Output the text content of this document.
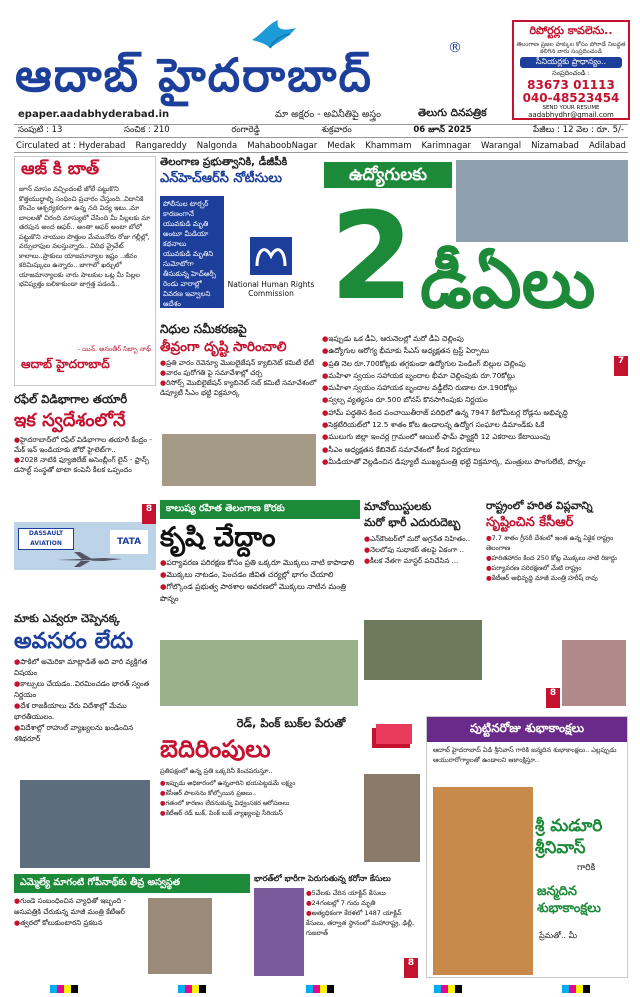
ఆదాబ్ హైదరాబాద్	®
epaper.aadabhyderabad.in	మా అక్షరం - అవినీతిపై అస్త్రం	తెలుగు దినపత్రిక
రిపోర్టర్లు కావలెను..
తెలంగాణ ప్రజల హక్కుల కోసం పోరాడే నిబద్ధత కలిగిన వారు సంప్రదించండి
సీనియర్లకు ప్రాధాన్యం..
సంప్రదించండి :
83673 01113
040-48523454
SEND YOUR RESUME
aadabhydhr@gmail.com
సంపుటి : 13	సంచిక : 210	రంగారెడ్డి	శుక్రవారం	06 జూన్ 2025	పేజీలు : 12 వెల : రూ. 5/-
Circulated at : Hyderabad Rangareddy Nalgonda MahaboobNagar Medak Khammam Karimnagar Warangal Nizamabad Adilabad
ఆజ్ కి బాత్
జూన్ మాసం వచ్చిందంటే జోలే పట్టుకొని కొత్తయుద్ధాల్ని సంధించి ప్రచారం చేస్తుంది..విదానికి కొంచెం ఆశ్చర్యకరంగా ఉన్న నది విద్య ఇటు..మా బాలలతో చిరంది మాస్యులో చేసింది మీ పిల్లలకు మా తరపున అంద ఆఫర్.. అంతా ఆఫర్ అంటా బోలో పట్టుకొని నాయుల పొత్తుల మేమునోరు రోజు గల్లీల్లో, వర్సులాఫుల వలస్తున్నారు.. విదిధ వ్రైవేట్ కాలాలు..ప్రాకులు యాజమాన్యాల ఇష్టం ..జీవం కరిమిష్కులు ఉన్నారు.. జాగాలో ఖర్చులో యాజమాన్యాలకు నారు పాలకుల ఒట్ల మీ పిల్లల భవిష్యత్తు బలికాకుండా జాగ్రత్త పడండి..
- యిన్. అనంతీర్ సిబ్బా నాథ్
ఆదాబ్ హైదరాబాద్
రఫేల్ విడిభాగాల తయారీ
ఇక స్వదేశంలోనే
● హైదరాబాద్‌లో రఫేల్ విడిభాగాల తయారీ కేంద్రం - మేక్ ఇన్ ఇండియాకు జోరో హైలెట్‌గా..
● 2028 నాటికి ఫ్యూజిలేజ్ అసెంబ్లీంగ్ లైన్ - ఫ్రాన్స్ డసాల్ట్ సంస్థతో టాటా కంపెనీ కీలక ఒప్పందం
DASSAULT AVIATION	TATA
8
మాకు ఎవ్వరూ చెప్పెనక్క
అవసరం లేదు
● పాకిలో అమెరికా మాట్లాడితే అది వారి వ్యక్తిగత విషయం
● కాల్పులు చేయడం..విరమించడం భారత్ స్వంత నిర్ణయం
● దేశ రాజకీయాలు వేరు విదేశాల్లో మేము భారతీయులం.
● విదేశాల్లో రాహుల్ వ్యాఖ్యలను ఖండించిన శశిథరూర్
తెలంగాణ ప్రభుత్వానికి, డీజీపీకి
ఎన్‌హెచ్‌ఆర్‌సీ నోటీసులు
పోలీసుల టార్చర్ కారణంగానే యువకుడి మృతి అంటూ మీడియా కథనాలు
యువకుడి మృతిని సుమోటోగా తీసుకున్న హెచ్ఆర్సీ
రెండు వారాల్లో వివరణ ఇవ్వాలని ఆదేశం
National Human Rights Commission
నిధుల సమీకరణపై
తీవ్రంగా దృష్టి సారించాలి
● ప్రతి వారం రెవెన్యూ మొబలైజేషన్ క్యాబినెట్ కమిటీ భేటీ
● వారం పురోగతి పై సమావేశాల్లో చర్చ
● రిసోర్స్ మొబిలైజేషన్ క్యాబినెట్ సబ్ కమిటీ సమావేశంలో డిప్యూటీ సీఎం భట్టి విక్రమార్క
ఉద్యోగులకు
2 డీఏలు
7
● ఇప్పుడు ఒక డీఏ, ఆరునెలల్లో మరో డీఏ చెల్లింపు
● ఉద్యోగుల ఆరోగ్య భీమాకు సీఎస్ అధ్యక్షతన ట్రస్ట్ ఏర్పాటు
● ప్రతి నెల రూ.700కోట్లకు తగ్గకుండా ఉద్యోగుల పెండింగ్ బిల్లుల చెల్లింపు
● మహిళా స్వయం సహాయక బృందాల భీమా చెల్లింపుకు రూ.70కోట్లు
● మహిళా స్వయం సహాయక బృందాల వడ్డీలేని రుణాల రూ.190కోట్లు
● స్వల్ప వ్యత్యసం రూ.500 బోనస్ కొనసాగింపుకు నిర్ణయం
● హామ్ పద్ధతిన కింద పంచాయితీరాజ్ పరిధిలో ఉన్న 7947 కిలోమీటర్ల రోడ్లను అభివృద్ధి
● సెక్రటేరియట్‌లో 12.5 శాతం కోట ఉండాలన్న ఉద్యోగ సంఘాల డిమాండ్‌కు ఓకే
● ములుగు జిల్లా ఇంచర్ల గ్రామంలో ఆయిల్ ఫామ్ ఫ్యాక్టరీ 12 ఎకరాలు కేటాయింపు
● సీఎం అధ్యక్షతన కేబినెట్ సమావేశంలో కీలక నిర్ణయాలు
● మీడియాతో వెల్లడించిన డిప్యూటీ ముఖ్యమంత్రి భట్టి విక్రమార్క, మంత్రులు పొంగులేటి, పొన్నం
కాలుష్య రహిత తెలంగాణ కొరకు
కృషి చేద్దాం
● పర్యావరణ పరిరక్షణ కోసం ప్రతి ఒక్కరూ మొక్కలు నాటి కాపాడాలి
● మొక్కలు నాటడం, పెంచడం జీవిత చర్యల్లో భాగం చేయాలి
● గోల్కొండ ప్రభుత్వ పాఠశాల ఆవరణలో మొక్కలు నాటిన మంత్రి పొన్నం
మావోయిస్టులకు
మరో భారీ ఎదురుదెబ్బ
● ఎన్‌కౌంటర్‌లో మరో అగ్రనేత నిహితం..
● నెలలోపు సుధాకర్ తలపై ఏకంగా ..
● కీలక నేతగా మాస్టర్ పనిచేసిన ...
రాష్ట్రంలో హరిత విప్లవాన్ని
సృష్టించిన కేసీఆర్
● 7.7 శాతం గ్రీనరీ దేశంలో ఇంత ఉన్న ఏకైక రాష్ట్రం తెలంగాణ
● హరితహారం కింద 250 కోట్ల మొక్కలు నాటి రికార్డు
● పర్యావరణ పరిరక్షణలో మేటి రాష్ట్రం
● కేటీఆర్ అభివృద్ధి మాజీ మంత్రి హరీష్ రావు
8
రెడ్, పింక్ బుక్‌ల పేరుతో
బెదిరింపులు
ప్రతిపక్షంలో ఉన్న ప్రతి ఒక్కరినీ కించపరుస్తూ..
● ఇప్పుడు అధికారంలో ఉన్నవారిని భయపెట్టడమే లక్ష్యం
● కేసీఆర్ పాలనను కోల్పోయిన ప్రజలు..
● గతంలో కారణం లేదనుకున్న విధ్వంసకర ఆరోపణలు
● కేటీఆర్ రెడ్ బుక్, పింక్ బుక్ వ్యాఖ్యలపై సీరియస్
పుట్టినరోజు శుభాకాంక్షలు
ఆదాబ్ హైదరాబాద్ ఏడి శ్రీనివాస్‌ గారికి జన్మదిన శుభాకాంక్షలు.. ఎల్లప్పుడు ఆయురారోగ్యాలతో ఉండాలని ఆకాంక్షిస్తూ..
శ్రీ మడూరి శ్రీనివాస్
గారికి
జన్మదిన శుభాకాంక్షలు
ప్రేమతో.. మీ
ఎమ్మెల్యే మాగంటి గోపీనాథ్‌కు తీవ్ర అస్వస్థత
● గుండె సంబంధించిన వ్యాధితో ఇబ్బంది - అసుపత్రికి చేరుకున్న మాజీ మంత్రి కేటీఆర్
● త్వరలో కోలుకుంటారని ప్రకటన
భారత్‌లో భారీగా పెరుగుతున్న కరోనా కేసులు
● 5వేలకు చేరిన యాక్టివ్ కేసులు
● 24గంటల్లో 7 గురు మృతి
● అత్యధికంగా కేరళలో 1487 యాక్టివ్ కేసులు, తర్వాత స్థానంలో మహారాష్ట్ర, ఢిల్లీ, గుజరాత్
8
